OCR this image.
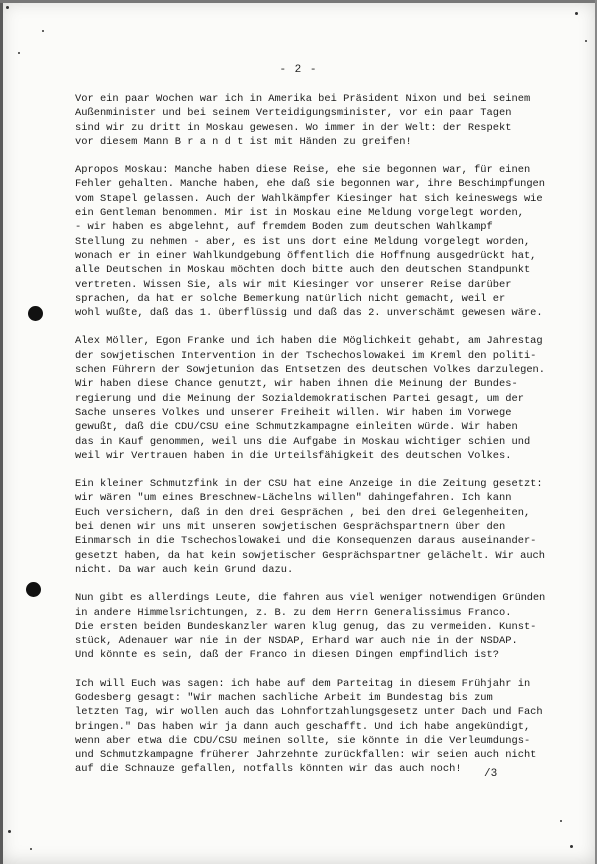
- 2 -
Vor ein paar Wochen war ich in Amerika bei Präsident Nixon und bei seinem
Außenminister und bei seinem Verteidigungsminister, vor ein paar Tagen
sind wir zu dritt in Moskau gewesen. Wo immer in der Welt: der Respekt
vor diesem Mann B r a n d t ist mit Händen zu greifen!
Apropos Moskau: Manche haben diese Reise, ehe sie begonnen war, für einen
Fehler gehalten. Manche haben, ehe daß sie begonnen war, ihre Beschimpfungen
vom Stapel gelassen. Auch der Wahlkämpfer Kiesinger hat sich keineswegs wie
ein Gentleman benommen. Mir ist in Moskau eine Meldung vorgelegt worden,
- wir haben es abgelehnt, auf fremdem Boden zum deutschen Wahlkampf
Stellung zu nehmen - aber, es ist uns dort eine Meldung vorgelegt worden,
wonach er in einer Wahlkundgebung öffentlich die Hoffnung ausgedrückt hat,
alle Deutschen in Moskau möchten doch bitte auch den deutschen Standpunkt
vertreten. Wissen Sie, als wir mit Kiesinger vor unserer Reise darüber
sprachen, da hat er solche Bemerkung natürlich nicht gemacht, weil er
wohl wußte, daß das 1. überflüssig und daß das 2. unverschämt gewesen wäre.
Alex Möller, Egon Franke und ich haben die Möglichkeit gehabt, am Jahrestag
der sowjetischen Intervention in der Tschechoslowakei im Kreml den politi-
schen Führern der Sowjetunion das Entsetzen des deutschen Volkes darzulegen.
Wir haben diese Chance genutzt, wir haben ihnen die Meinung der Bundes-
regierung und die Meinung der Sozialdemokratischen Partei gesagt, um der
Sache unseres Volkes und unserer Freiheit willen. Wir haben im Vorwege
gewußt, daß die CDU/CSU eine Schmutzkampagne einleiten würde. Wir haben
das in Kauf genommen, weil uns die Aufgabe in Moskau wichtiger schien und
weil wir Vertrauen haben in die Urteilsfähigkeit des deutschen Volkes.
Ein kleiner Schmutzfink in der CSU hat eine Anzeige in die Zeitung gesetzt:
wir wären "um eines Breschnew-Lächelns willen" dahingefahren. Ich kann
Euch versichern, daß in den drei Gesprächen , bei den drei Gelegenheiten,
bei denen wir uns mit unseren sowjetischen Gesprächspartnern über den
Einmarsch in die Tschechoslowakei und die Konsequenzen daraus auseinander-
gesetzt haben, da hat kein sowjetischer Gesprächspartner gelächelt. Wir auch
nicht. Da war auch kein Grund dazu.
Nun gibt es allerdings Leute, die fahren aus viel weniger notwendigen Gründen
in andere Himmelsrichtungen, z. B. zu dem Herrn Generalissimus Franco.
Die ersten beiden Bundeskanzler waren klug genug, das zu vermeiden. Kunst-
stück, Adenauer war nie in der NSDAP, Erhard war auch nie in der NSDAP.
Und könnte es sein, daß der Franco in diesen Dingen empfindlich ist?
Ich will Euch was sagen: ich habe auf dem Parteitag in diesem Frühjahr in
Godesberg gesagt: "Wir machen sachliche Arbeit im Bundestag bis zum
letzten Tag, wir wollen auch das Lohnfortzahlungsgesetz unter Dach und Fach
bringen." Das haben wir ja dann auch geschafft. Und ich habe angekündigt,
wenn aber etwa die CDU/CSU meinen sollte, sie könnte in die Verleumdungs-
und Schmutzkampagne früherer Jahrzehnte zurückfallen: wir seien auch nicht
auf die Schnauze gefallen, notfalls könnten wir das auch noch!	/3
